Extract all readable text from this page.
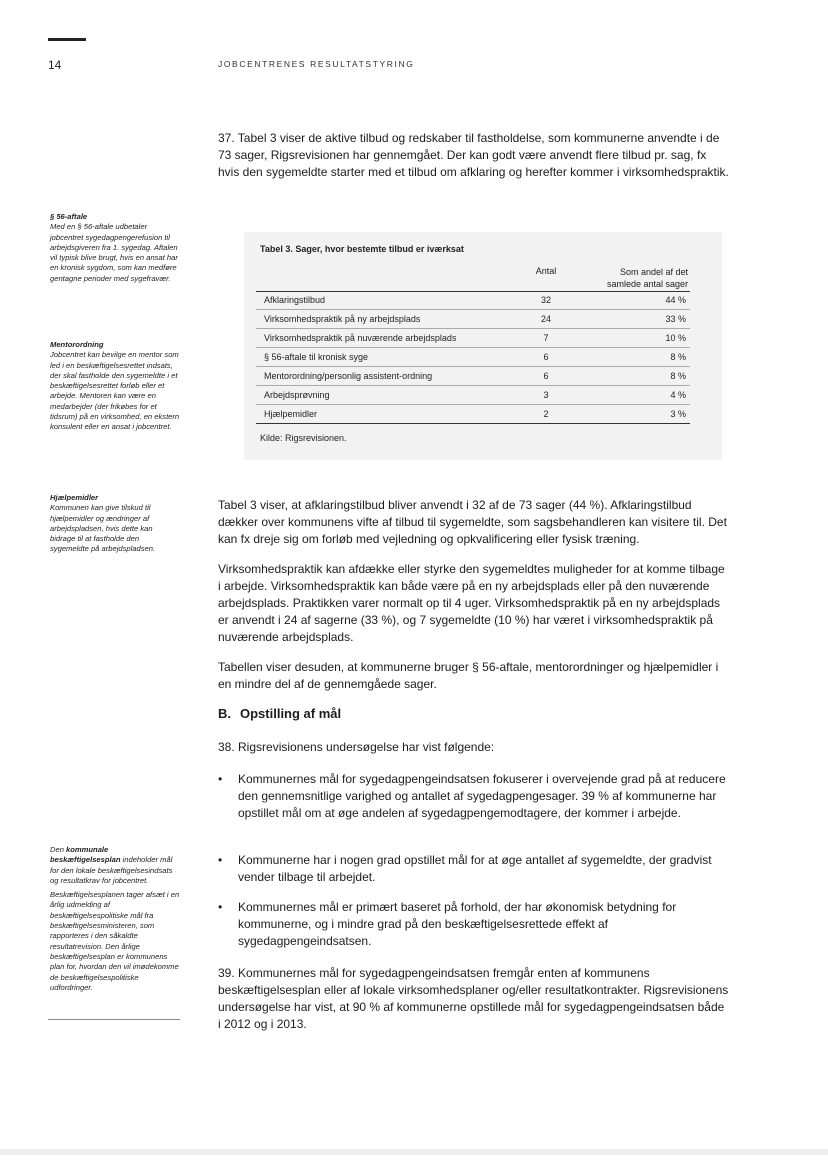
14	JOBCENTRENES RESULTATSTYRING

§ 56-aftale

Med en § 56-aftale udbetaler jobcentret sygedagpengerefusion til arbejdsgiveren fra 1. sygedag. Aftalen vil typisk blive brugt, hvis en ansat har en kronisk sygdom, som kan medføre gentagne perioder med sygefravær.

Mentorordning

Jobcentret kan bevilge en mentor som led i en beskæftigelsesrettet indsats, der skal fastholde den sygemeldte i et beskæftigelsesrettet forløb eller et arbejde. Mentoren kan være en medarbejder (der frikøbes for et tidsrum) på en virksomhed, en ekstern konsulent eller en ansat i jobcentret.

Hjælpemidler

Kommunen kan give tilskud til hjælpemidler og ændringer af arbejdspladsen, hvis dette kan bidrage til at fastholde den sygemeldte på arbejdspladsen.

Den kommunale beskæftigelsesplan indeholder mål for den lokale beskæftigelsesindsats og resultatkrav for jobcentret.

Beskæftigelsesplanen tager afsæt i en årlig udmelding af beskæftigelsespolitiske mål fra beskæftigelsesministeren, som rapporteres i den såkaldte resultatrevision. Den årlige beskæftigelsesplan er kommunens plan for, hvordan den vil imødekomme de beskæftigelsespolitiske udfordringer.

37. Tabel 3 viser de aktive tilbud og redskaber til fastholdelse, som kommunerne anvendte i de 73 sager, Rigsrevisionen har gennemgået. Der kan godt være anvendt flere tilbud pr. sag, fx hvis den sygemeldte starter med et tilbud om afklaring og herefter kommer i virksomhedspraktik.

Tabel 3. Sager, hvor bestemte tilbud er iværksat
Antal	Som andel af det
samlede antal sager
Afklaringstilbud	32	44 %
Virksomhedspraktik på ny arbejdsplads	24	33 %
Virksomhedspraktik på nuværende arbejdsplads	7	10 %
§ 56-aftale til kronisk syge	6	8 %
Mentorordning/personlig assistent-ordning	6	8 %
Arbejdsprøvning	3	4 %
Hjælpemidler	2	3 %
Kilde: Rigsrevisionen.

Tabel 3 viser, at afklaringstilbud bliver anvendt i 32 af de 73 sager (44 %). Afklaringstilbud dækker over kommunens vifte af tilbud til sygemeldte, som sagsbehandleren kan visitere til. Det kan fx dreje sig om forløb med vejledning og opkvalificering eller fysisk træning.

Virksomhedspraktik kan afdække eller styrke den sygemeldtes muligheder for at komme tilbage i arbejde. Virksomhedspraktik kan både være på en ny arbejdsplads eller på den nuværende arbejdsplads. Praktikken varer normalt op til 4 uger. Virksomhedspraktik på en ny arbejdsplads er anvendt i 24 af sagerne (33 %), og 7 sygemeldte (10 %) har været i virksomhedspraktik på nuværende arbejdsplads.

Tabellen viser desuden, at kommunerne bruger § 56-aftale, mentorordninger og hjælpemidler i en mindre del af de gennemgåede sager.

B. Opstilling af mål

38. Rigsrevisionens undersøgelse har vist følgende:

• Kommunernes mål for sygedagpengeindsatsen fokuserer i overvejende grad på at reducere den gennemsnitlige varighed og antallet af sygedagpengesager. 39 % af kommunerne har opstillet mål om at øge andelen af sygedagpengemodtagere, der kommer i arbejde.
• Kommunerne har i nogen grad opstillet mål for at øge antallet af sygemeldte, der gradvist vender tilbage til arbejdet.
• Kommunernes mål er primært baseret på forhold, der har økonomisk betydning for kommunerne, og i mindre grad på den beskæftigelsesrettede effekt af sygedagpengeindsatsen.

39. Kommunernes mål for sygedagpengeindsatsen fremgår enten af kommunens beskæftigelsesplan eller af lokale virksomhedsplaner og/eller resultatkontrakter. Rigsrevisionens undersøgelse har vist, at 90 % af kommunerne opstillede mål for sygedagpengeindsatsen både i 2012 og i 2013.
